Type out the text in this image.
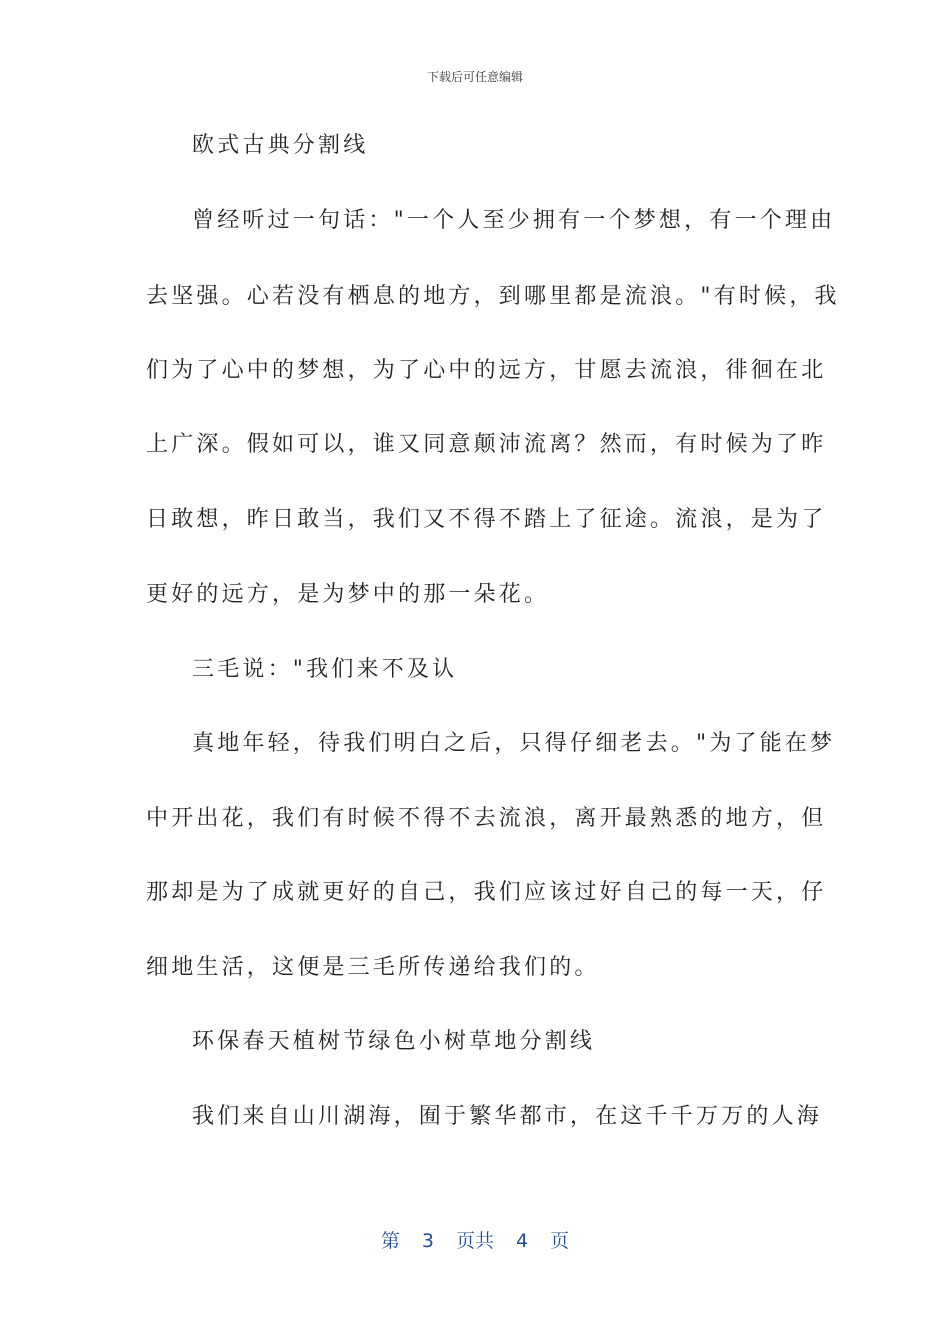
下载后可任意编辑
欧式古典分割线
曾经听过一句话："一个人至少拥有一个梦想，有一个理由
去坚强。心若没有栖息的地方，到哪里都是流浪。"有时候，我
们为了心中的梦想，为了心中的远方，甘愿去流浪，徘徊在北
上广深。假如可以，谁又同意颠沛流离？然而，有时候为了昨
日敢想，昨日敢当，我们又不得不踏上了征途。流浪，是为了
更好的远方，是为梦中的那一朵花。
三毛说："我们来不及认
真地年轻，待我们明白之后，只得仔细老去。"为了能在梦
中开出花，我们有时候不得不去流浪，离开最熟悉的地方，但
那却是为了成就更好的自己，我们应该过好自己的每一天，仔
细地生活，这便是三毛所传递给我们的。
环保春天植树节绿色小树草地分割线
我们来自山川湖海，囿于繁华都市，在这千千万万的人海
第 3 页共 4 页
